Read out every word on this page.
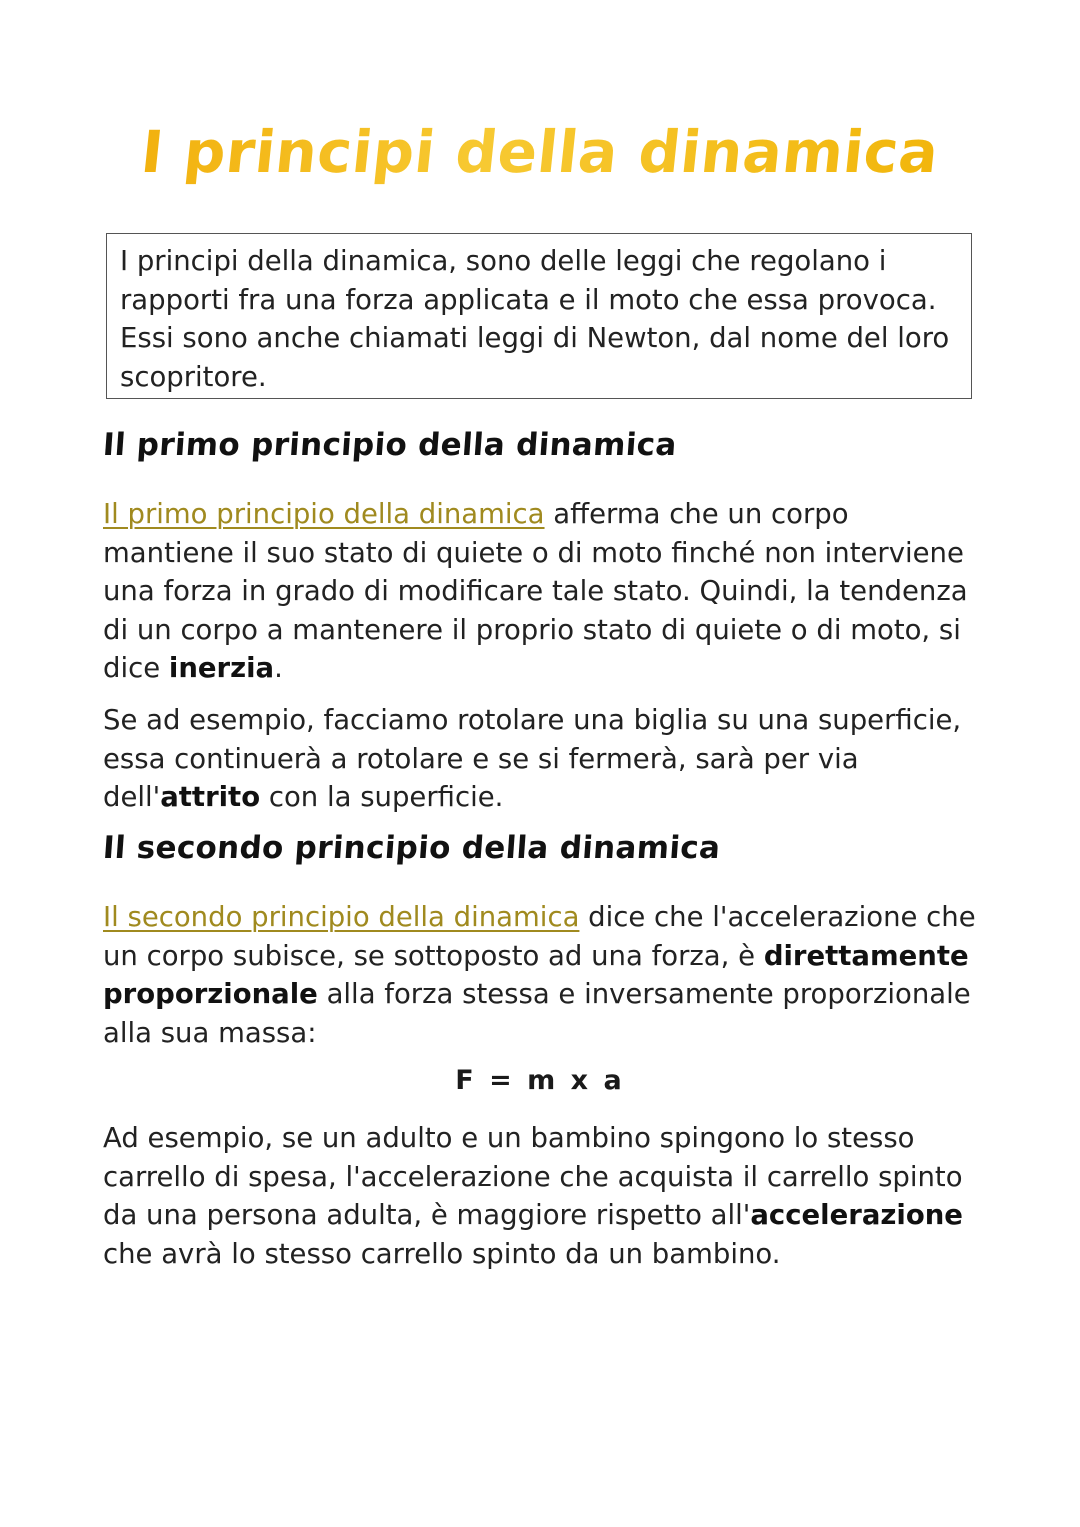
I principi della dinamica
I principi della dinamica, sono delle leggi che regolano i rapporti fra una forza applicata e il moto che essa provoca. Essi sono anche chiamati leggi di Newton, dal nome del loro scopritore.
Il primo principio della dinamica
Il primo principio della dinamica afferma che un corpo mantiene il suo stato di quiete o di moto finché non interviene una forza in grado di modificare tale stato. Quindi, la tendenza di un corpo a mantenere il proprio stato di quiete o di moto, si dice inerzia.
Se ad esempio, facciamo rotolare una biglia su una superficie, essa continuerà a rotolare e se si fermerà, sarà per via dell'attrito con la superficie.
Il secondo principio della dinamica
Il secondo principio della dinamica dice che l'accelerazione che un corpo subisce, se sottoposto ad una forza, è direttamente proporzionale alla forza stessa e inversamente proporzionale alla sua massa:
F = m x a
Ad esempio, se un adulto e un bambino spingono lo stesso carrello di spesa, l'accelerazione che acquista il carrello spinto da una persona adulta, è maggiore rispetto all'accelerazione che avrà lo stesso carrello spinto da un bambino.
